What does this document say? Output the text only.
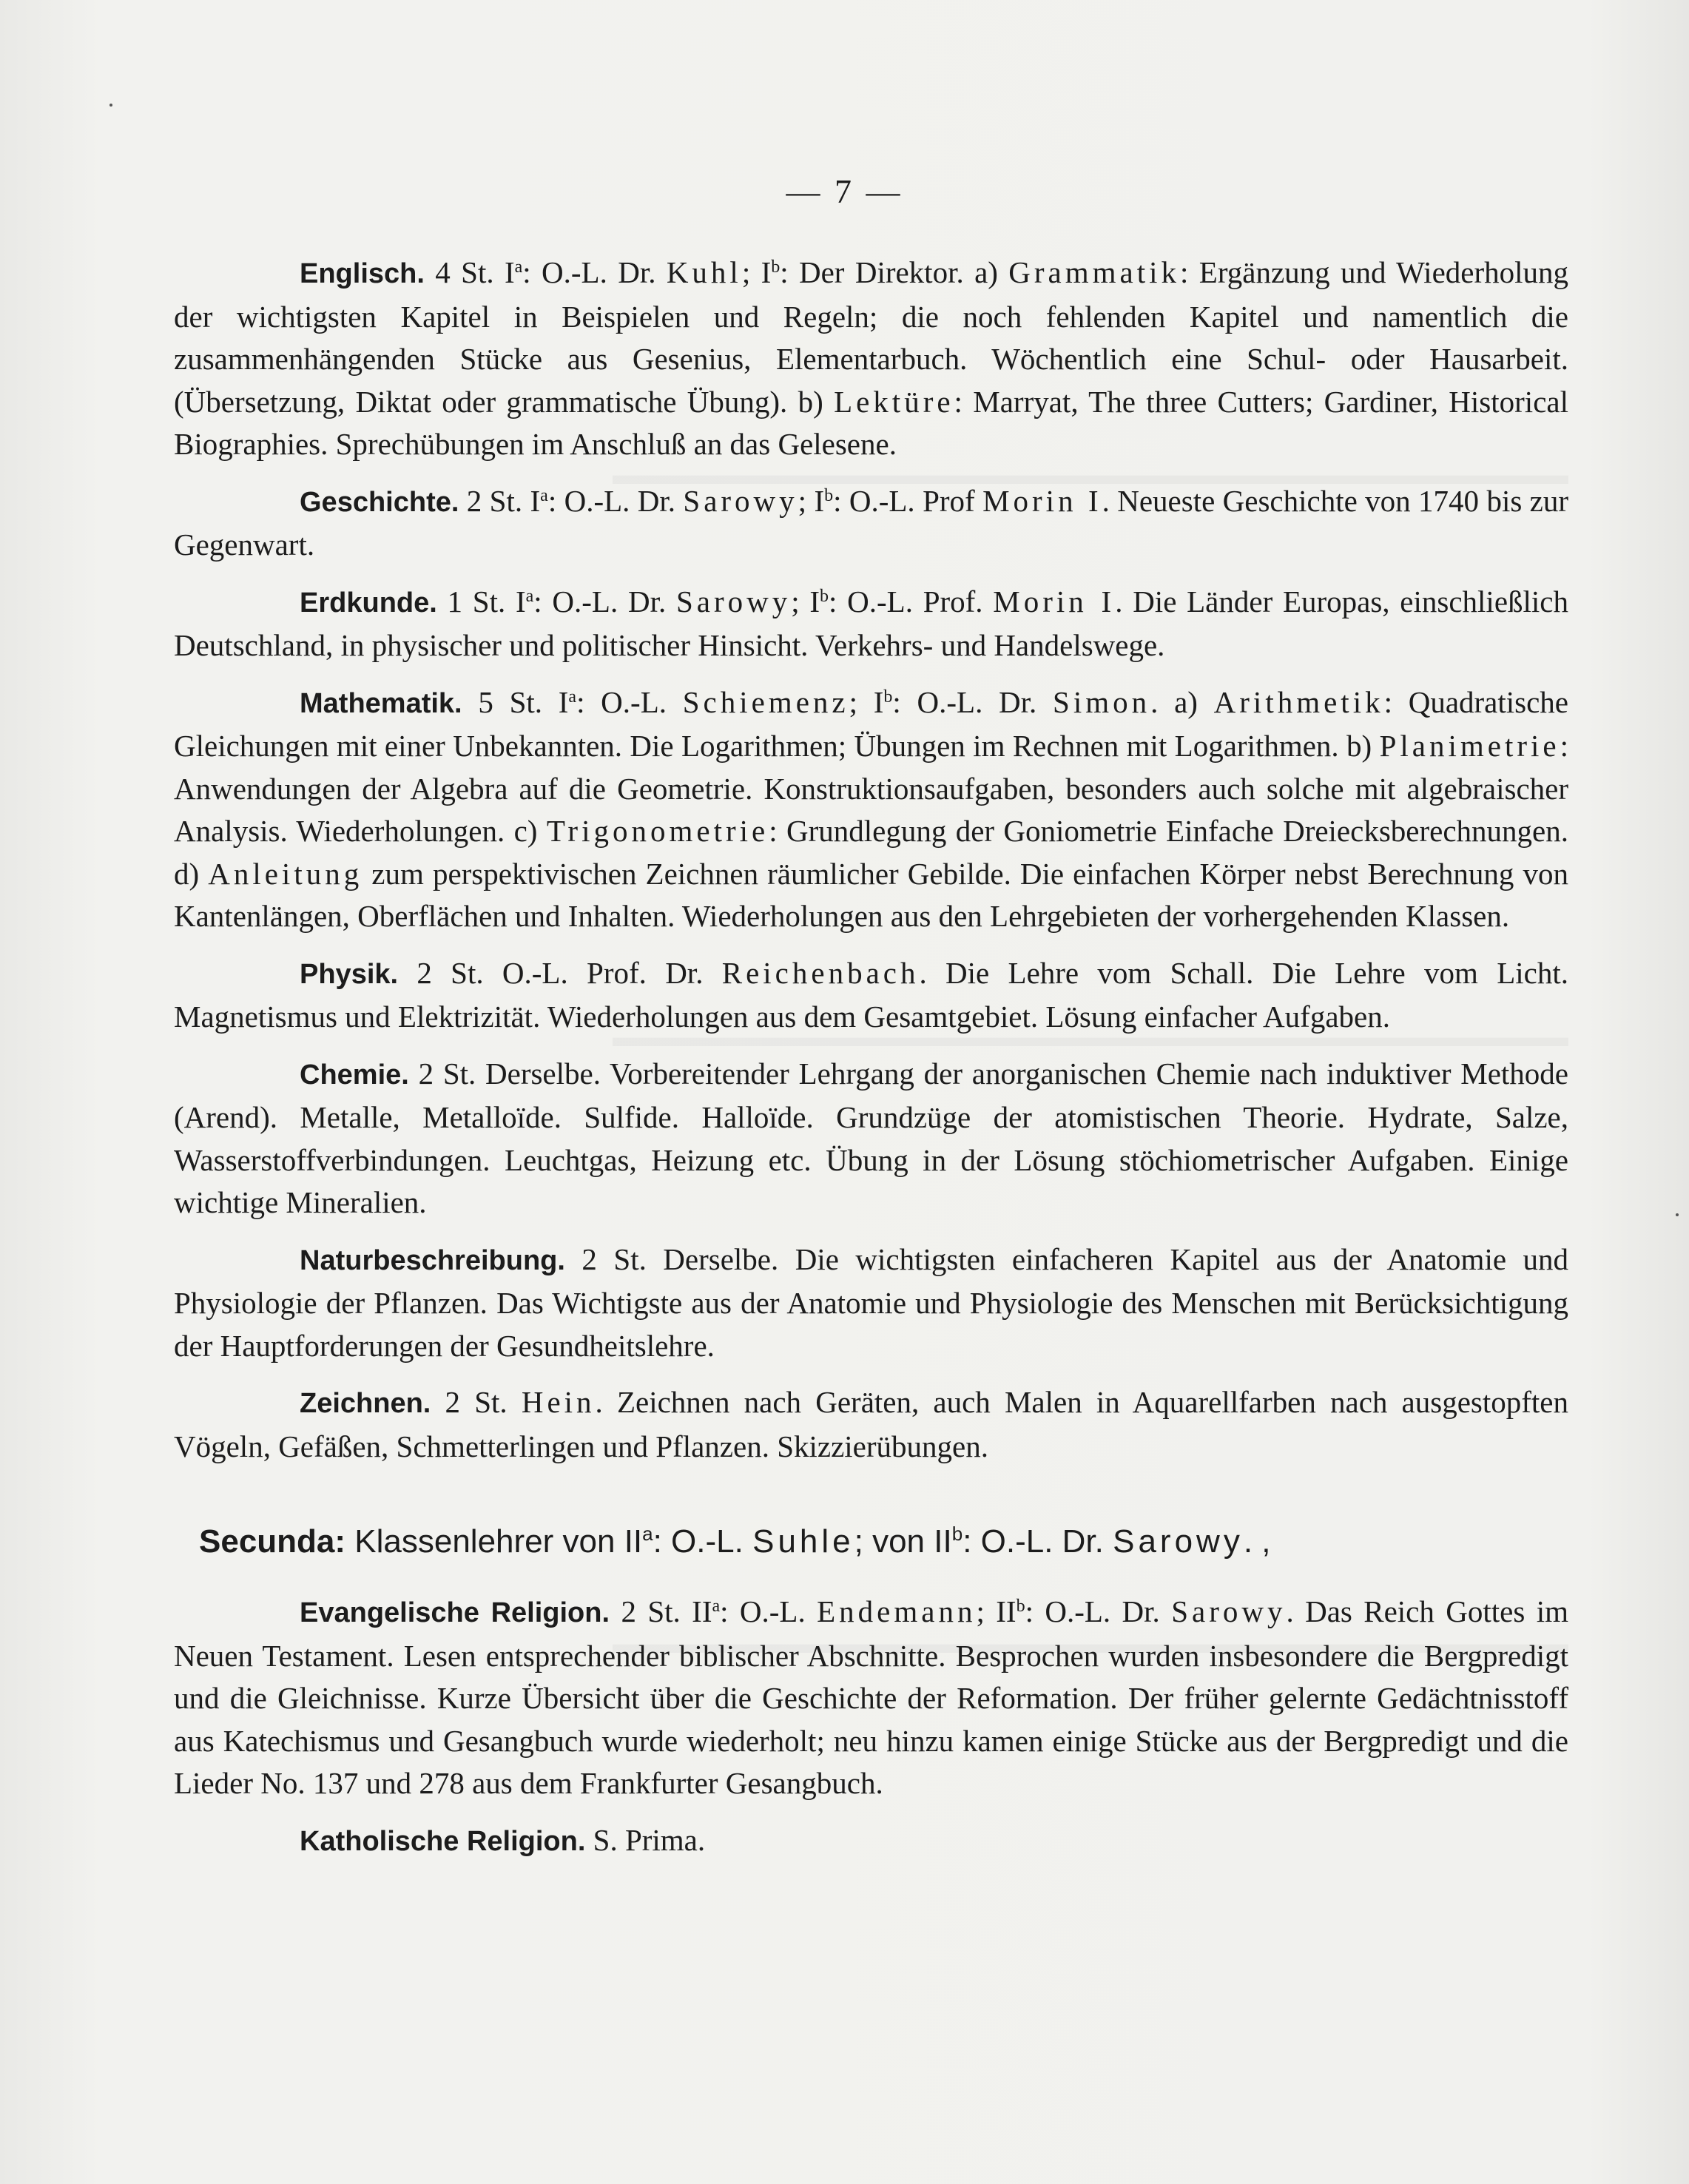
— 7 —

Englisch. 4 St. $I^a$: O.-L. Dr. Kuhl; $I^b$: Der Direktor. a) Grammatik: Ergänzung und Wiederholung der wichtigsten Kapitel in Beispielen und Regeln; die noch fehlenden Kapitel und namentlich die zusammenhängenden Stücke aus Gesenius, Elementarbuch. Wöchentlich eine Schul- oder Hausarbeit. (Übersetzung, Diktat oder grammatische Übung). b) Lektüre: Marryat, The three Cutters; Gardiner, Historical Biographies. Sprechübungen im Anschluß an das Gelesene.

Geschichte. 2 St. $I^a$: O.-L. Dr. Sarowy; $I^b$: O.-L. Prof Morin I. Neueste Geschichte von 1740 bis zur Gegenwart.

Erdkunde. 1 St. $I^a$: O.-L. Dr. Sarowy; $I^b$: O.-L. Prof. Morin I. Die Länder Europas, einschließlich Deutschland, in physischer und politischer Hinsicht. Verkehrs- und Handelswege.

Mathematik. 5 St. $I^a$: O.-L. Schiemenz; $I^b$: O.-L. Dr. Simon. a) Arithmetik: Quadratische Gleichungen mit einer Unbekannten. Die Logarithmen; Übungen im Rechnen mit Logarithmen. b) Planimetrie: Anwendungen der Algebra auf die Geometrie. Konstruktionsaufgaben, besonders auch solche mit algebraischer Analysis. Wiederholungen. c) Trigonometrie: Grundlegung der Goniometrie Einfache Dreiecksberechnungen. d) Anleitung zum perspektivischen Zeichnen räumlicher Gebilde. Die einfachen Körper nebst Berechnung von Kantenlängen, Oberflächen und Inhalten. Wiederholungen aus den Lehrgebieten der vorhergehenden Klassen.

Physik. 2 St. O.-L. Prof. Dr. Reichenbach. Die Lehre vom Schall. Die Lehre vom Licht. Magnetismus und Elektrizität. Wiederholungen aus dem Gesamtgebiet. Lösung einfacher Aufgaben.

Chemie. 2 St. Derselbe. Vorbereitender Lehrgang der anorganischen Chemie nach induktiver Methode (Arend). Metalle, Metalloïde. Sulfide. Halloïde. Grundzüge der atomistischen Theorie. Hydrate, Salze, Wasserstoffverbindungen. Leuchtgas, Heizung etc. Übung in der Lösung stöchiometrischer Aufgaben. Einige wichtige Mineralien.

Naturbeschreibung. 2 St. Derselbe. Die wichtigsten einfacheren Kapitel aus der Anatomie und Physiologie der Pflanzen. Das Wichtigste aus der Anatomie und Physiologie des Menschen mit Berücksichtigung der Hauptforderungen der Gesundheitslehre.

Zeichnen. 2 St. Hein. Zeichnen nach Geräten, auch Malen in Aquarellfarben nach ausgestopften Vögeln, Gefäßen, Schmetterlingen und Pflanzen. Skizzierübungen.

Secunda: Klassenlehrer von $II^a$: O.-L. Suhle; von $II^b$: O.-L. Dr. Sarowy. ,

Evangelische Religion. 2 St. $II^a$: O.-L. Endemann; $II^b$: O.-L. Dr. Sarowy. Das Reich Gottes im Neuen Testament. Lesen entsprechender biblischer Abschnitte. Besprochen wurden insbesondere die Bergpredigt und die Gleichnisse. Kurze Übersicht über die Geschichte der Reformation. Der früher gelernte Gedächtnisstoff aus Katechismus und Gesangbuch wurde wiederholt; neu hinzu kamen einige Stücke aus der Bergpredigt und die Lieder No. 137 und 278 aus dem Frankfurter Gesangbuch.

Katholische Religion. S. Prima.
